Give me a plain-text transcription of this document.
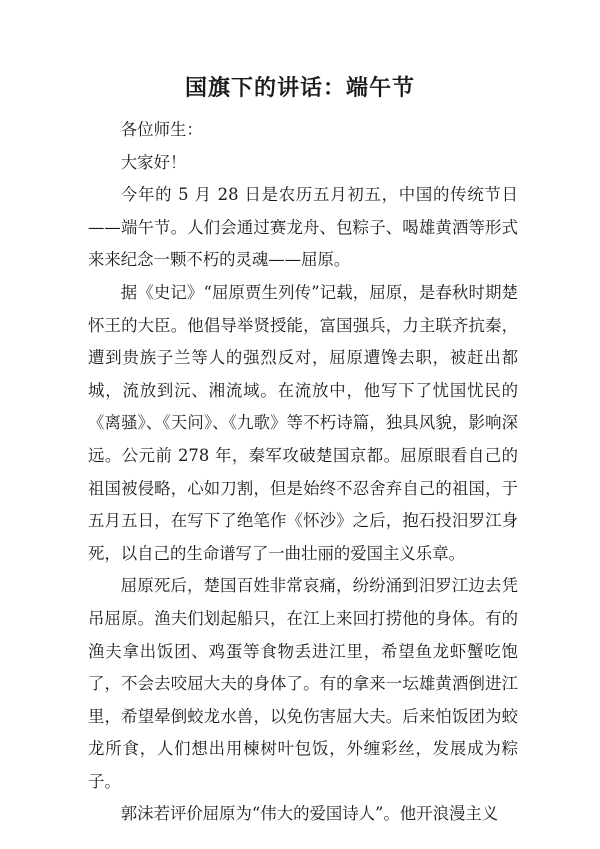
国旗下的讲话：端午节

各位师生：

大家好！

今年的 5 月 28 日是农历五月初五，中国的传统节日——端午节。人们会通过赛龙舟、包粽子、喝雄黄酒等形式来来纪念一颗不朽的灵魂——屈原。

据《史记》“屈原贾生列传”记载，屈原，是春秋时期楚怀王的大臣。他倡导举贤授能，富国强兵，力主联齐抗秦，遭到贵族子兰等人的强烈反对，屈原遭馋去职，被赶出都城，流放到沅、湘流域。在流放中，他写下了忧国忧民的《离骚》、《天问》、《九歌》等不朽诗篇，独具风貌，影响深远。公元前 278 年，秦军攻破楚国京都。屈原眼看自己的祖国被侵略，心如刀割，但是始终不忍舍弃自己的祖国，于五月五日，在写下了绝笔作《怀沙》之后，抱石投汨罗江身死，以自己的生命谱写了一曲壮丽的爱国主义乐章。

屈原死后，楚国百姓非常哀痛，纷纷涌到汨罗江边去凭吊屈原。渔夫们划起船只，在江上来回打捞他的身体。有的渔夫拿出饭团、鸡蛋等食物丢进江里，希望鱼龙虾蟹吃饱了，不会去咬屈大夫的身体了。有的拿来一坛雄黄酒倒进江里，希望晕倒蛟龙水兽，以免伤害屈大夫。后来怕饭团为蛟龙所食，人们想出用楝树叶包饭，外缠彩丝，发展成为粽子。

郭沫若评价屈原为“伟大的爱国诗人”。他开浪漫主义
